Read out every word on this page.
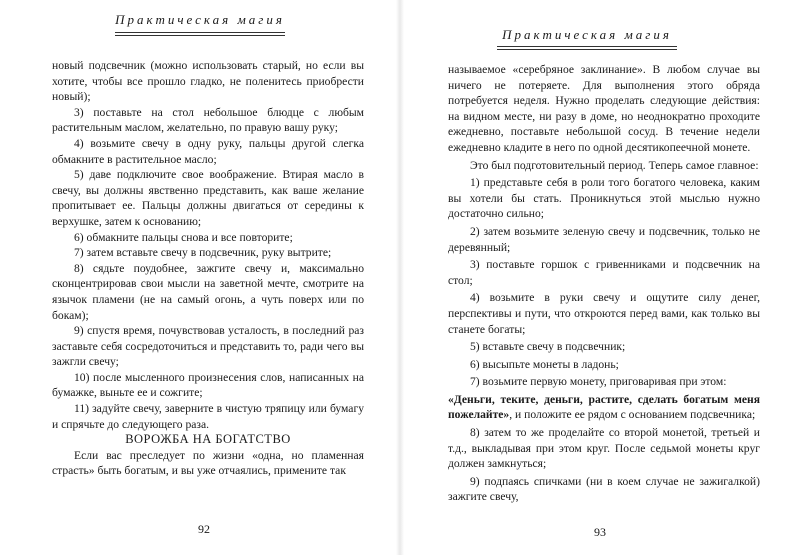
Практическая магия

новый подсвечник (можно использовать старый, но если вы хотите, чтобы все прошло гладко, не поленитесь приобрести новый);

3) поставьте на стол небольшое блюдце с любым растительным маслом, желательно, по правую вашу руку;

4) возьмите свечу в одну руку, пальцы другой слегка обмакните в растительное масло;

5) даве подключите свое воображение. Втирая масло в свечу, вы должны явственно представить, как ваше желание пропитывает ее. Пальцы должны двигаться от середины к верхушке, затем к основанию;

6) обмакните пальцы снова и все повторите;

7) затем вставьте свечу в подсвечник, руку вытрите;

8) сядьте поудобнее, зажгите свечу и, максимально сконцентрировав свои мысли на заветной мечте, смотрите на язычок пламени (не на самый огонь, а чуть поверх или по бокам);

9) спустя время, почувствовав усталость, в последний раз заставьте себя сосредоточиться и представить то, ради чего вы зажгли свечу;

10) после мысленного произнесения слов, написанных на бумажке, выньте ее и сожгите;

11) задуйте свечу, заверните в чистую тряпицу или бумагу и спрячьте до следующего раза.

ВОРОЖБА НА БОГАТСТВО

Если вас преследует по жизни «одна, но пламенная страсть» быть богатым, и вы уже отчаялись, примените так

92
Практическая магия

называемое «серебряное заклинание». В любом случае вы ничего не потеряете. Для выполнения этого обряда потребуется неделя. Нужно проделать следующие действия: на видном месте, ни разу в доме, но неоднократно проходите ежедневно, поставьте небольшой сосуд. В течение недели ежедневно кладите в него по одной десятикопеечной монете.

Это был подготовительный период. Теперь самое главное:

1) представьте себя в роли того богатого человека, каким вы хотели бы стать. Проникнуться этой мыслью нужно достаточно сильно;

2) затем возьмите зеленую свечу и подсвечник, только не деревянный;

3) поставьте горшок с гривенниками и подсвечник на стол;

4) возьмите в руки свечу и ощутите силу денег, перспективы и пути, что откроются перед вами, как только вы станете богаты;

5) вставьте свечу в подсвечник;

6) высыпьте монеты в ладонь;

7) возьмите первую монету, приговаривая при этом:

«Деньги, теките, деньги, растите, сделать богатым меня пожелайте», и положите ее рядом с основанием подсвечника;

8) затем то же проделайте со второй монетой, третьей и т.д., выкладывая при этом круг. После седьмой монеты круг должен замкнуться;

9) подпаясь спичками (ни в коем случае не зажигалкой) зажгите свечу,

93
